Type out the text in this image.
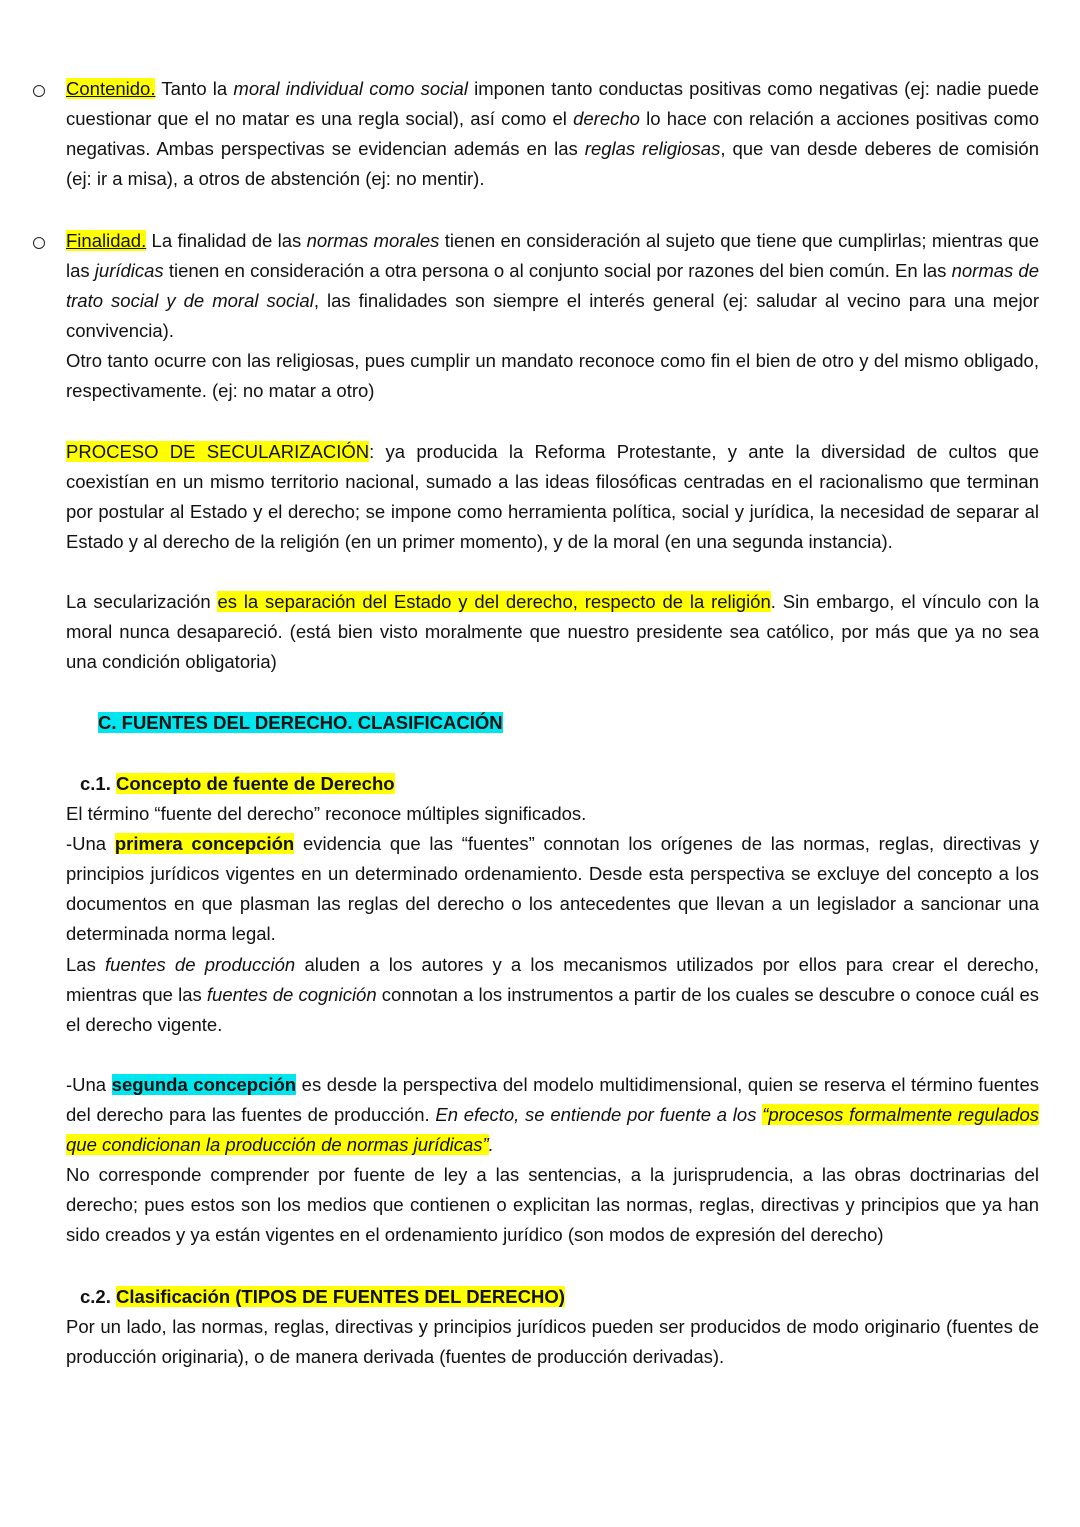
Contenido. Tanto la moral individual como social imponen tanto conductas positivas como negativas (ej: nadie puede cuestionar que el no matar es una regla social), así como el derecho lo hace con relación a acciones positivas como negativas. Ambas perspectivas se evidencian además en las reglas religiosas, que van desde deberes de comisión (ej: ir a misa), a otros de abstención (ej: no mentir).

Finalidad. La finalidad de las normas morales tienen en consideración al sujeto que tiene que cumplirlas; mientras que las jurídicas tienen en consideración a otra persona o al conjunto social por razones del bien común. En las normas de trato social y de moral social, las finalidades son siempre el interés general (ej: saludar al vecino para una mejor convivencia).

Otro tanto ocurre con las religiosas, pues cumplir un mandato reconoce como fin el bien de otro y del mismo obligado, respectivamente. (ej: no matar a otro)

PROCESO DE SECULARIZACIÓN: ya producida la Reforma Protestante, y ante la diversidad de cultos que coexistían en un mismo territorio nacional, sumado a las ideas filosóficas centradas en el racionalismo que terminan por postular al Estado y el derecho; se impone como herramienta política, social y jurídica, la necesidad de separar al Estado y al derecho de la religión (en un primer momento), y de la moral (en una segunda instancia).

La secularización es la separación del Estado y del derecho, respecto de la religión. Sin embargo, el vínculo con la moral nunca desapareció. (está bien visto moralmente que nuestro presidente sea católico, por más que ya no sea una condición obligatoria)

C. FUENTES DEL DERECHO. CLASIFICACIÓN
c.1. Concepto de fuente de Derecho

El término “fuente del derecho” reconoce múltiples significados.

-Una primera concepción evidencia que las “fuentes” connotan los orígenes de las normas, reglas, directivas y principios jurídicos vigentes en un determinado ordenamiento. Desde esta perspectiva se excluye del concepto a los documentos en que plasman las reglas del derecho o los antecedentes que llevan a un legislador a sancionar una determinada norma legal.

Las fuentes de producción aluden a los autores y a los mecanismos utilizados por ellos para crear el derecho, mientras que las fuentes de cognición connotan a los instrumentos a partir de los cuales se descubre o conoce cuál es el derecho vigente.

-Una segunda concepción es desde la perspectiva del modelo multidimensional, quien se reserva el término fuentes del derecho para las fuentes de producción. En efecto, se entiende por fuente a los “procesos formalmente regulados que condicionan la producción de normas jurídicas”.

No corresponde comprender por fuente de ley a las sentencias, a la jurisprudencia, a las obras doctrinarias del derecho; pues estos son los medios que contienen o explicitan las normas, reglas, directivas y principios que ya han sido creados y ya están vigentes en el ordenamiento jurídico (son modos de expresión del derecho)

c.2. Clasificación (TIPOS DE FUENTES DEL DERECHO)

Por un lado, las normas, reglas, directivas y principios jurídicos pueden ser producidos de modo originario (fuentes de producción originaria), o de manera derivada (fuentes de producción derivadas).
